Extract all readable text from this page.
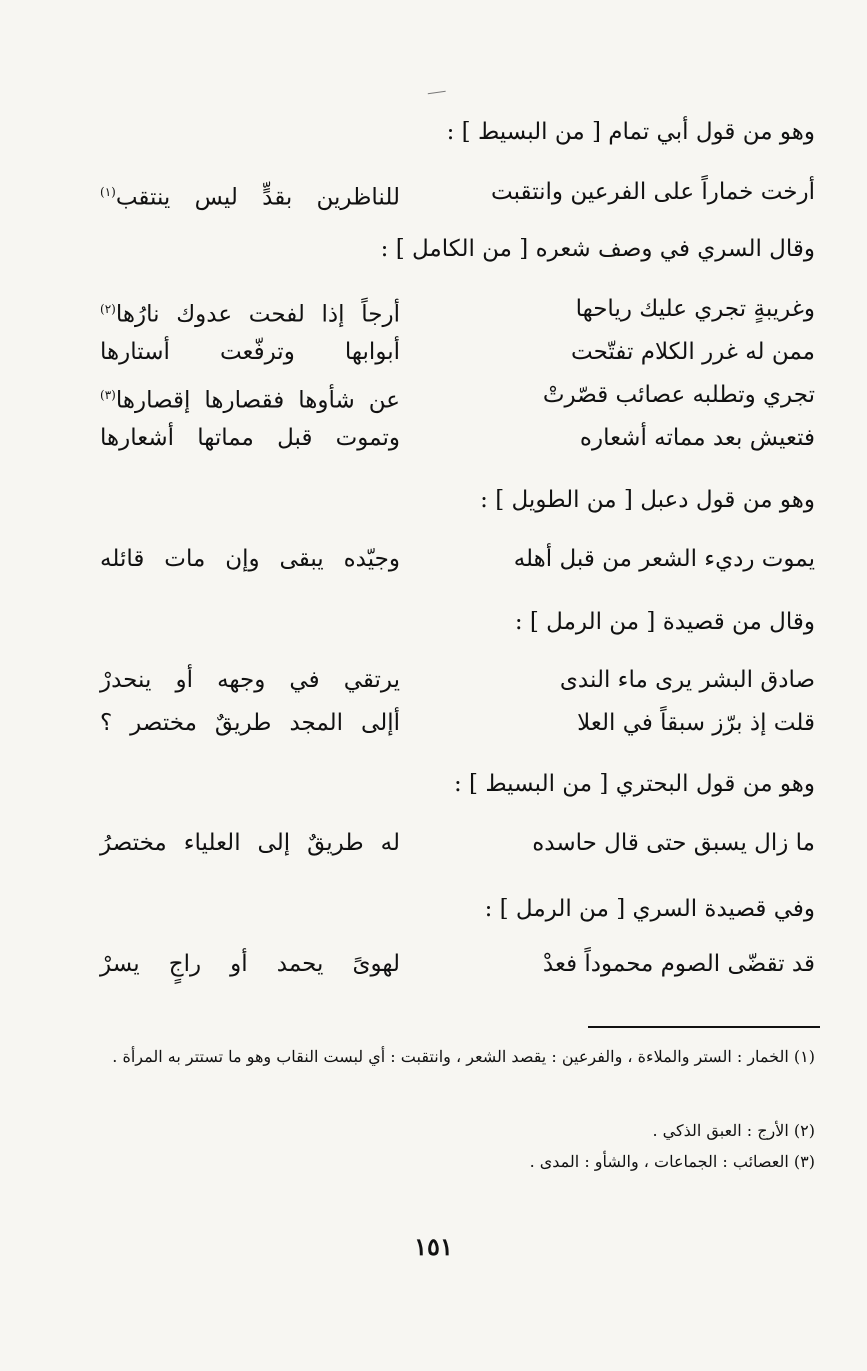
وهو من قول أبي تمام [ من البسيط ] :
أرخت خماراً على الفرعين وانتقبت
للناظرين بقدٍّ ليس ينتقب$^{(١)}$
وقال السري في وصف شعره [ من الكامل ] :
وغريبةٍ تجري عليك رياحها
أرجاً إذا لفحت عدوك نارُها$^{(٢)}$
ممن له غرر الكلام تفتّحت
أبوابها وترفّعت أستارها
تجري وتطلبه عصائب قصّرتْ
عن شأوها فقصارها إقصارها$^{(٣)}$
فتعيش بعد مماته أشعاره
وتموت قبل مماتها أشعارها
وهو من قول دعبل [ من الطويل ] :
يموت رديء الشعر من قبل أهله
وجيّده يبقى وإن مات قائله
وقال من قصيدة [ من الرمل ] :
صادق البشر يرى ماء الندى
يرتقي في وجهه أو ينحدرْ
قلت إذ برّز سبقاً في العلا
أإلى المجد طريقٌ مختصر ؟
وهو من قول البحتري [ من البسيط ] :
ما زال يسبق حتى قال حاسده
له طريقٌ إلى العلياء مختصرُ
وفي قصيدة السري [ من الرمل ] :
قد تقضّى الصوم محموداً فعدْ
لهوىً يحمد أو راجٍ يسرْ
(١) الخمار : الستر والملاءة ، والفرعين : يقصد الشعر ، وانتقبت : أي لبست النقاب وهو ما تستتر به المرأة .
(٢) الأرج : العبق الذكي .
(٣) العصائب : الجماعات ، والشأو : المدى .
١٥١
